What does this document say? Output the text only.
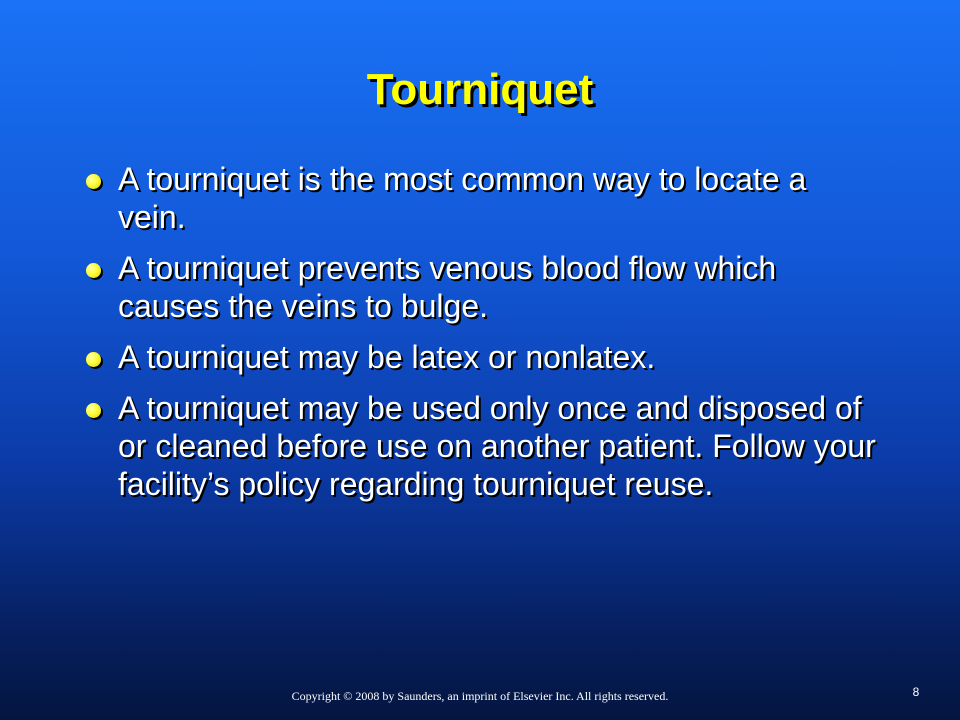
Tourniquet
A tourniquet is the most common way to locate a vein.
A tourniquet prevents venous blood flow which causes the veins to bulge.
A tourniquet may be latex or nonlatex.
A tourniquet may be used only once and disposed of or cleaned before use on another patient. Follow your facility’s policy regarding tourniquet reuse.
Copyright © 2008 by Saunders, an imprint of Elsevier Inc. All rights reserved.	8
